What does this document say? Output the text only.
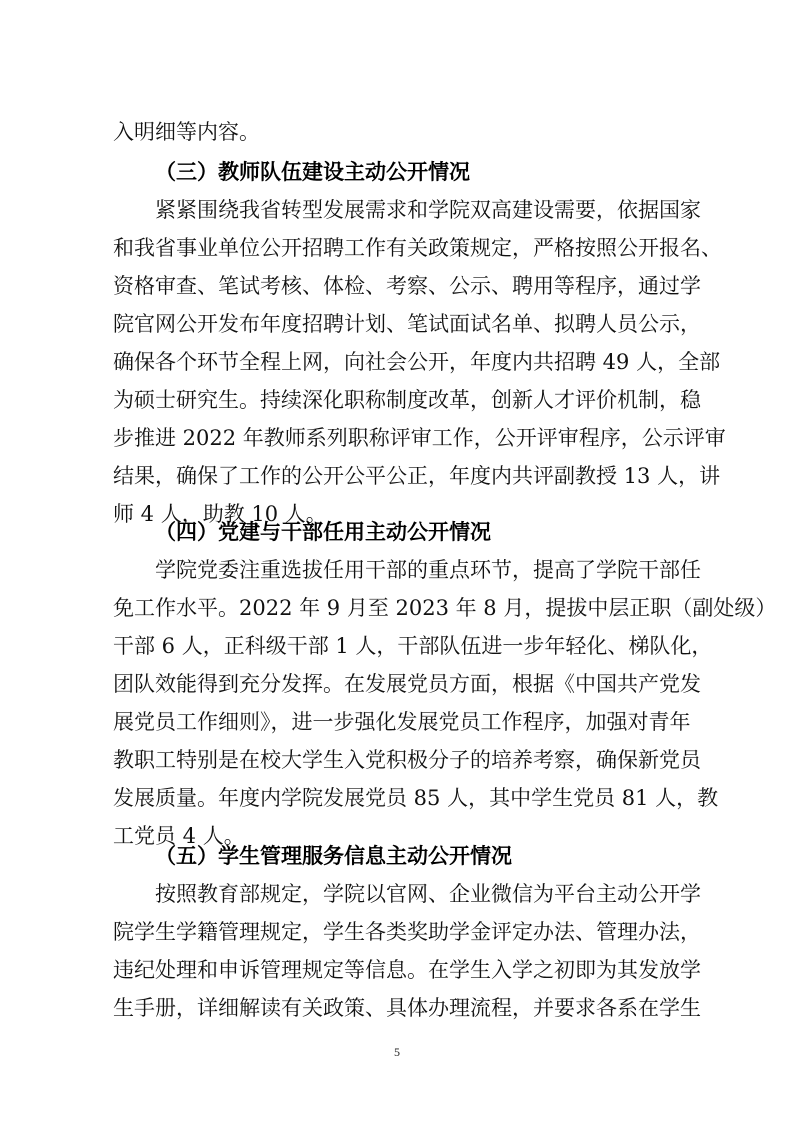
入明细等内容。
（三）教师队伍建设主动公开情况
紧紧围绕我省转型发展需求和学院双高建设需要，依据国家
和我省事业单位公开招聘工作有关政策规定，严格按照公开报名、
资格审查、笔试考核、体检、考察、公示、聘用等程序，通过学
院官网公开发布年度招聘计划、笔试面试名单、拟聘人员公示，
确保各个环节全程上网，向社会公开，年度内共招聘 49 人，全部
为硕士研究生。持续深化职称制度改革，创新人才评价机制，稳
步推进 2022 年教师系列职称评审工作，公开评审程序，公示评审
结果，确保了工作的公开公平公正，年度内共评副教授 13 人，讲
师 4 人，助教 10 人。
（四）党建与干部任用主动公开情况
学院党委注重选拔任用干部的重点环节，提高了学院干部任
免工作水平。2022 年 9 月至 2023 年 8 月，提拔中层正职（副处级）
干部 6 人，正科级干部 1 人，干部队伍进一步年轻化、梯队化，
团队效能得到充分发挥。在发展党员方面，根据《中国共产党发
展党员工作细则》，进一步强化发展党员工作程序，加强对青年
教职工特别是在校大学生入党积极分子的培养考察，确保新党员
发展质量。年度内学院发展党员 85 人，其中学生党员 81 人，教
工党员 4 人。
（五）学生管理服务信息主动公开情况
按照教育部规定，学院以官网、企业微信为平台主动公开学
院学生学籍管理规定，学生各类奖助学金评定办法、管理办法，
违纪处理和申诉管理规定等信息。在学生入学之初即为其发放学
生手册，详细解读有关政策、具体办理流程，并要求各系在学生
5
